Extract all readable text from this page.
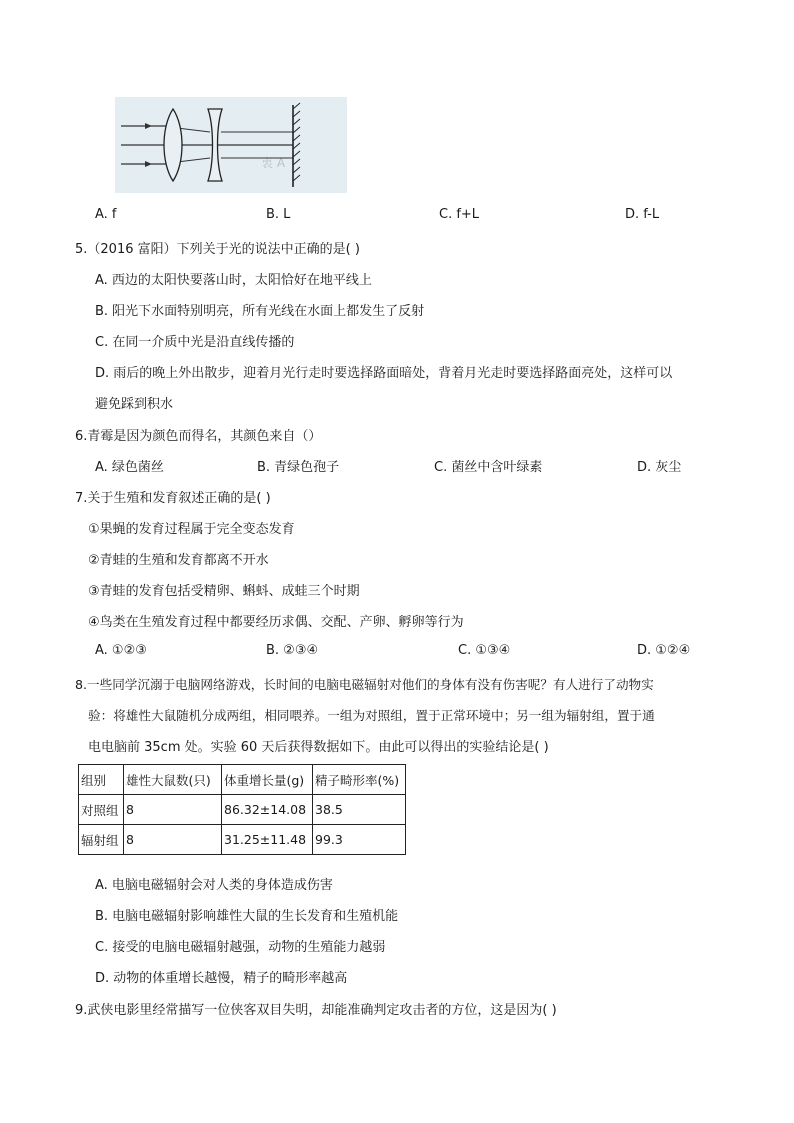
衷 A
A. f	B. L	C. f+L	D. f-L
5.（2016 富阳）下列关于光的说法中正确的是( )
A. 西边的太阳快要落山时，太阳恰好在地平线上
B. 阳光下水面特别明亮，所有光线在水面上都发生了反射
C. 在同一介质中光是沿直线传播的
D. 雨后的晚上外出散步，迎着月光行走时要选择路面暗处，背着月光走时要选择路面亮处，这样可以
避免踩到积水
6.青霉是因为颜色而得名，其颜色来自（）
A. 绿色菌丝	B. 青绿色孢子	C. 菌丝中含叶绿素	D. 灰尘
7.关于生殖和发育叙述正确的是( )
①果蝇的发育过程属于完全变态发育
②青蛙的生殖和发育都离不开水
③青蛙的发育包括受精卵、蝌蚪、成蛙三个时期
④鸟类在生殖发育过程中都要经历求偶、交配、产卵、孵卵等行为
A. ①②③	B. ②③④	C. ①③④	D. ①②④
8.一些同学沉溺于电脑网络游戏，长时间的电脑电磁辐射对他们的身体有没有伤害呢？有人进行了动物实
验：将雄性大鼠随机分成两组，相同喂养。一组为对照组，置于正常环境中；另一组为辐射组，置于通
电电脑前 35cm 处。实验 60 天后获得数据如下。由此可以得出的实验结论是( )
组别	雄性大鼠数(只)	体重增长量(g)	精子畸形率(%)
对照组	8	86.32±14.08	38.5
辐射组	8	31.25±11.48	99.3
A. 电脑电磁辐射会对人类的身体造成伤害
B. 电脑电磁辐射影响雄性大鼠的生长发育和生殖机能
C. 接受的电脑电磁辐射越强，动物的生殖能力越弱
D. 动物的体重增长越慢，精子的畸形率越高
9.武侠电影里经常描写一位侠客双目失明，却能准确判定攻击者的方位，这是因为( )
